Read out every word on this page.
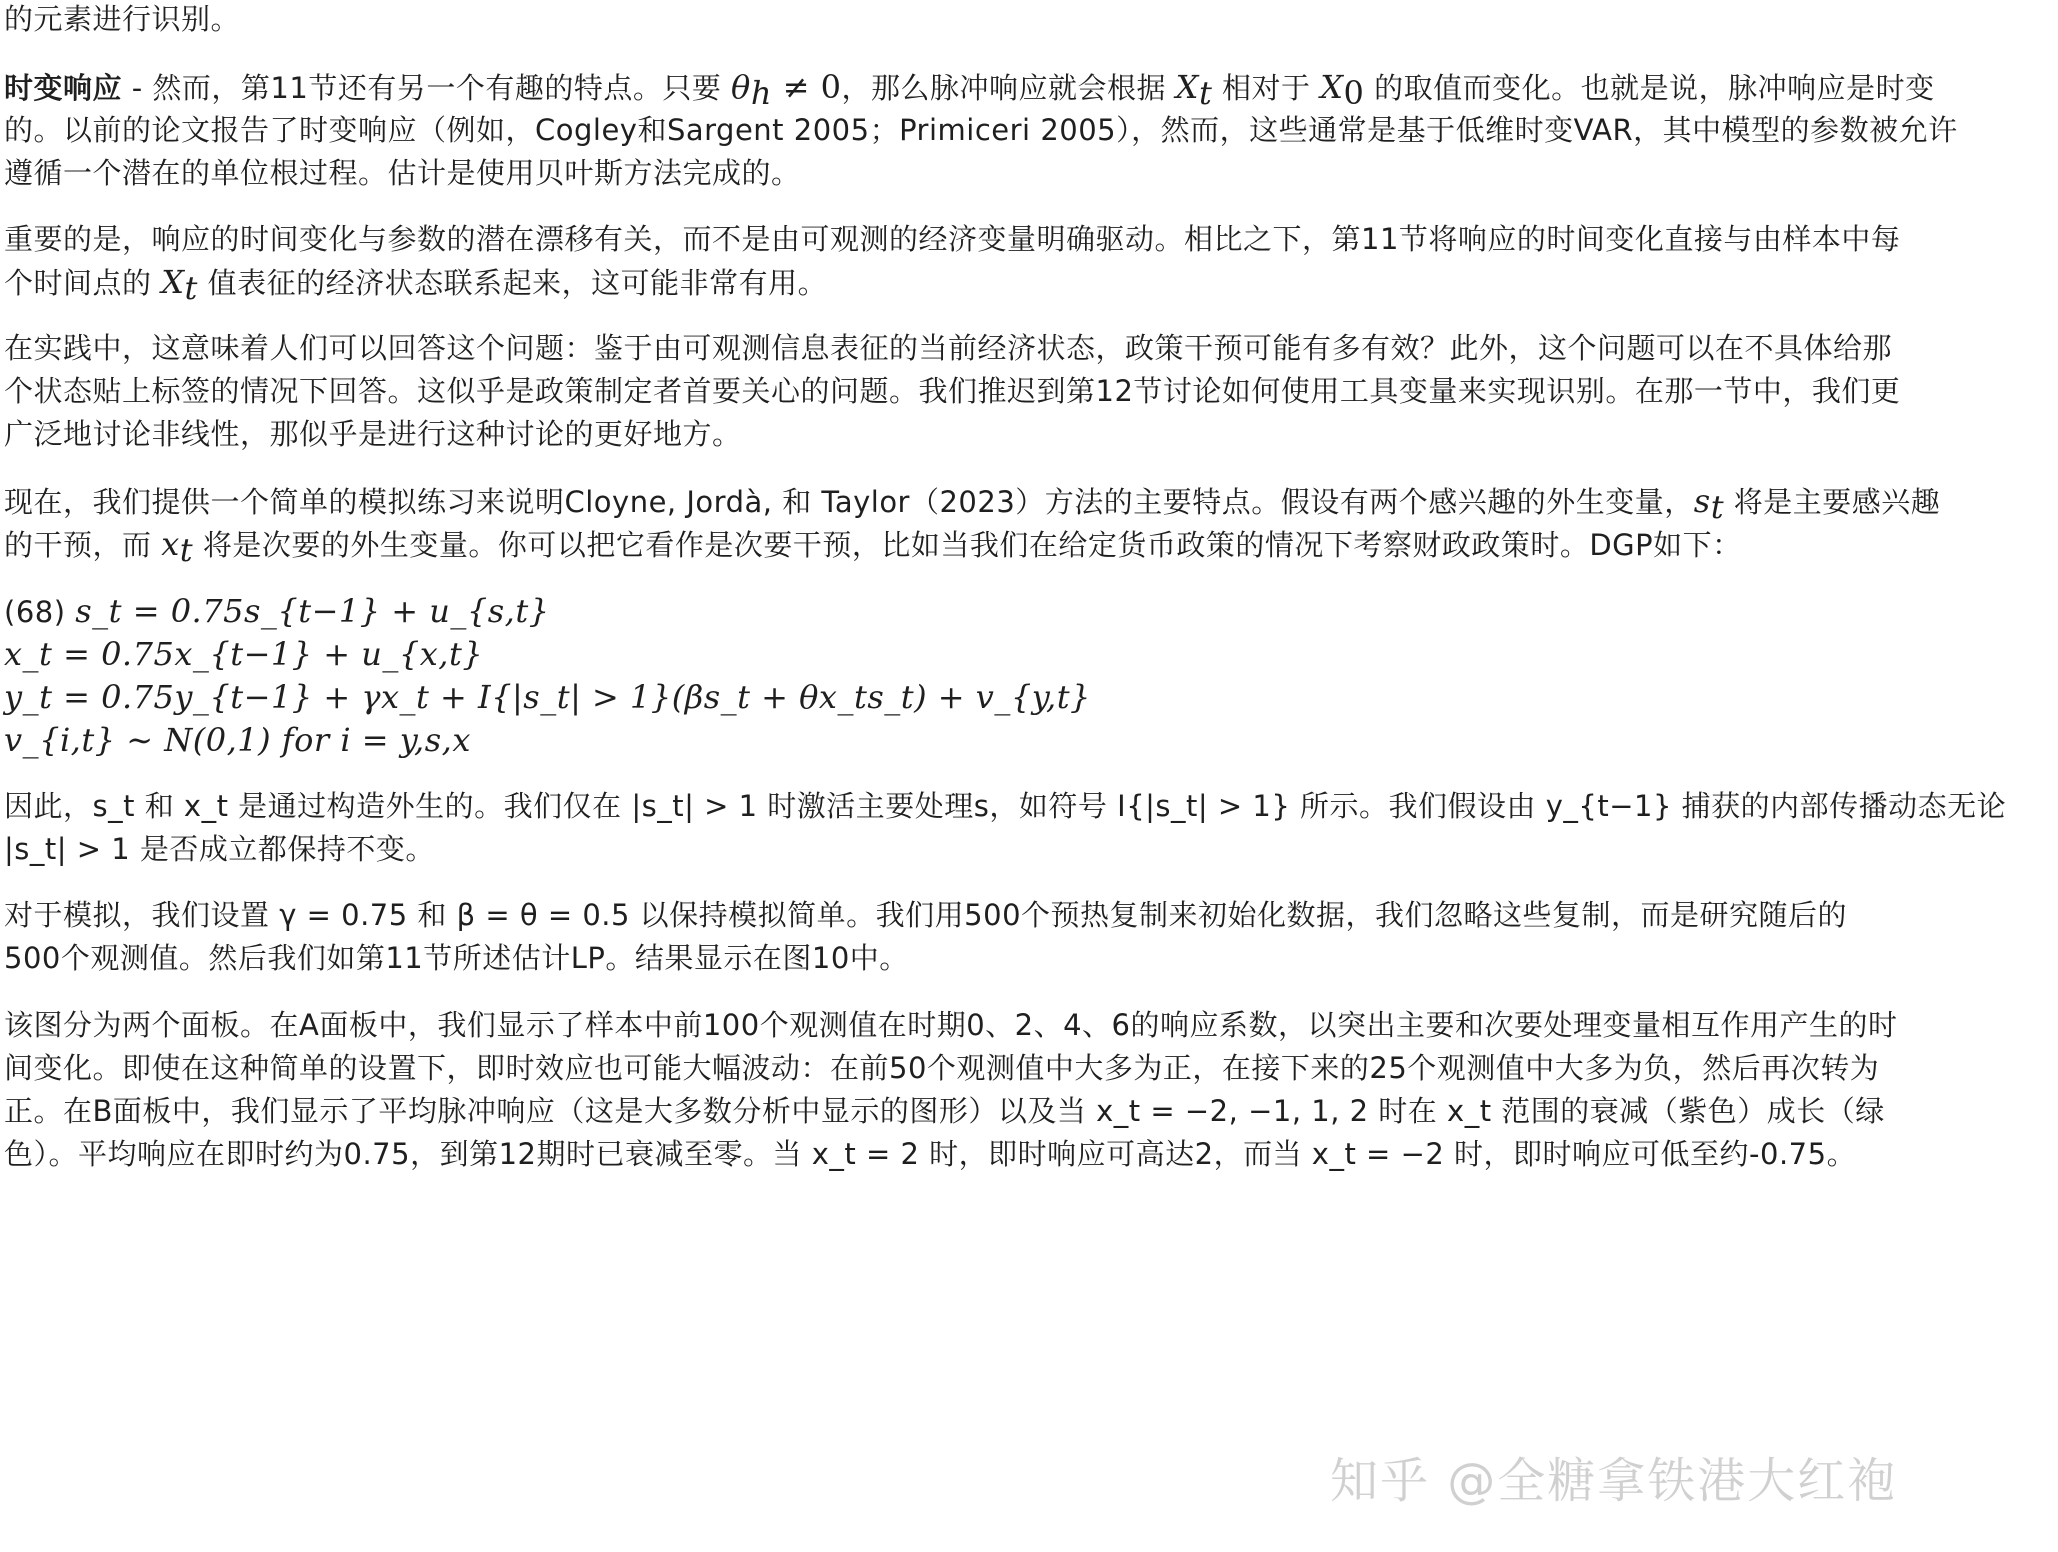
的元素进行识别。
时变响应 - 然而，第11节还有另一个有趣的特点。只要 $\theta_h \ne 0$，那么脉冲响应就会根据 $X_t$ 相对于 $X_0$ 的取值而变化。也就是说，脉冲响应是时变
的。以前的论文报告了时变响应（例如，Cogley和Sargent 2005；Primiceri 2005），然而，这些通常是基于低维时变VAR，其中模型的参数被允许
遵循一个潜在的单位根过程。估计是使用贝叶斯方法完成的。
重要的是，响应的时间变化与参数的潜在漂移有关，而不是由可观测的经济变量明确驱动。相比之下，第11节将响应的时间变化直接与由样本中每
个时间点的 $X_t$ 值表征的经济状态联系起来，这可能非常有用。
在实践中，这意味着人们可以回答这个问题：鉴于由可观测信息表征的当前经济状态，政策干预可能有多有效？此外，这个问题可以在不具体给那
个状态贴上标签的情况下回答。这似乎是政策制定者首要关心的问题。我们推迟到第12节讨论如何使用工具变量来实现识别。在那一节中，我们更
广泛地讨论非线性，那似乎是进行这种讨论的更好地方。
现在，我们提供一个简单的模拟练习来说明Cloyne, Jordà, 和 Taylor（2023）方法的主要特点。假设有两个感兴趣的外生变量，$s_t$ 将是主要感兴趣
的干预，而 $x_t$ 将是次要的外生变量。你可以把它看作是次要干预，比如当我们在给定货币政策的情况下考察财政政策时。DGP如下：
(68) s_t = 0.75s_{t−1} + u_{s,t}
x_t = 0.75x_{t−1} + u_{x,t}
y_t = 0.75y_{t−1} + γx_t + I{|s_t| > 1}(βs_t + θx_ts_t) + v_{y,t}
v_{i,t} ∼ N(0,1) for i = y,s,x
因此，s_t 和 x_t 是通过构造外生的。我们仅在 |s_t| > 1 时激活主要处理s，如符号 I{|s_t| > 1} 所示。我们假设由 y_{t−1} 捕获的内部传播动态无论
|s_t| > 1 是否成立都保持不变。
对于模拟，我们设置 γ = 0.75 和 β = θ = 0.5 以保持模拟简单。我们用500个预热复制来初始化数据，我们忽略这些复制，而是研究随后的
500个观测值。然后我们如第11节所述估计LP。结果显示在图10中。
该图分为两个面板。在A面板中，我们显示了样本中前100个观测值在时期0、2、4、6的响应系数，以突出主要和次要处理变量相互作用产生的时
间变化。即使在这种简单的设置下，即时效应也可能大幅波动：在前50个观测值中大多为正，在接下来的25个观测值中大多为负，然后再次转为
正。在B面板中，我们显示了平均脉冲响应（这是大多数分析中显示的图形）以及当 x_t = −2, −1, 1, 2 时在 x_t 范围的衰减（紫色）成长（绿
色）。平均响应在即时约为0.75，到第12期时已衰减至零。当 x_t = 2 时，即时响应可高达2，而当 x_t = −2 时，即时响应可低至约-0.75。
知乎 @全糖拿铁港大红袍
